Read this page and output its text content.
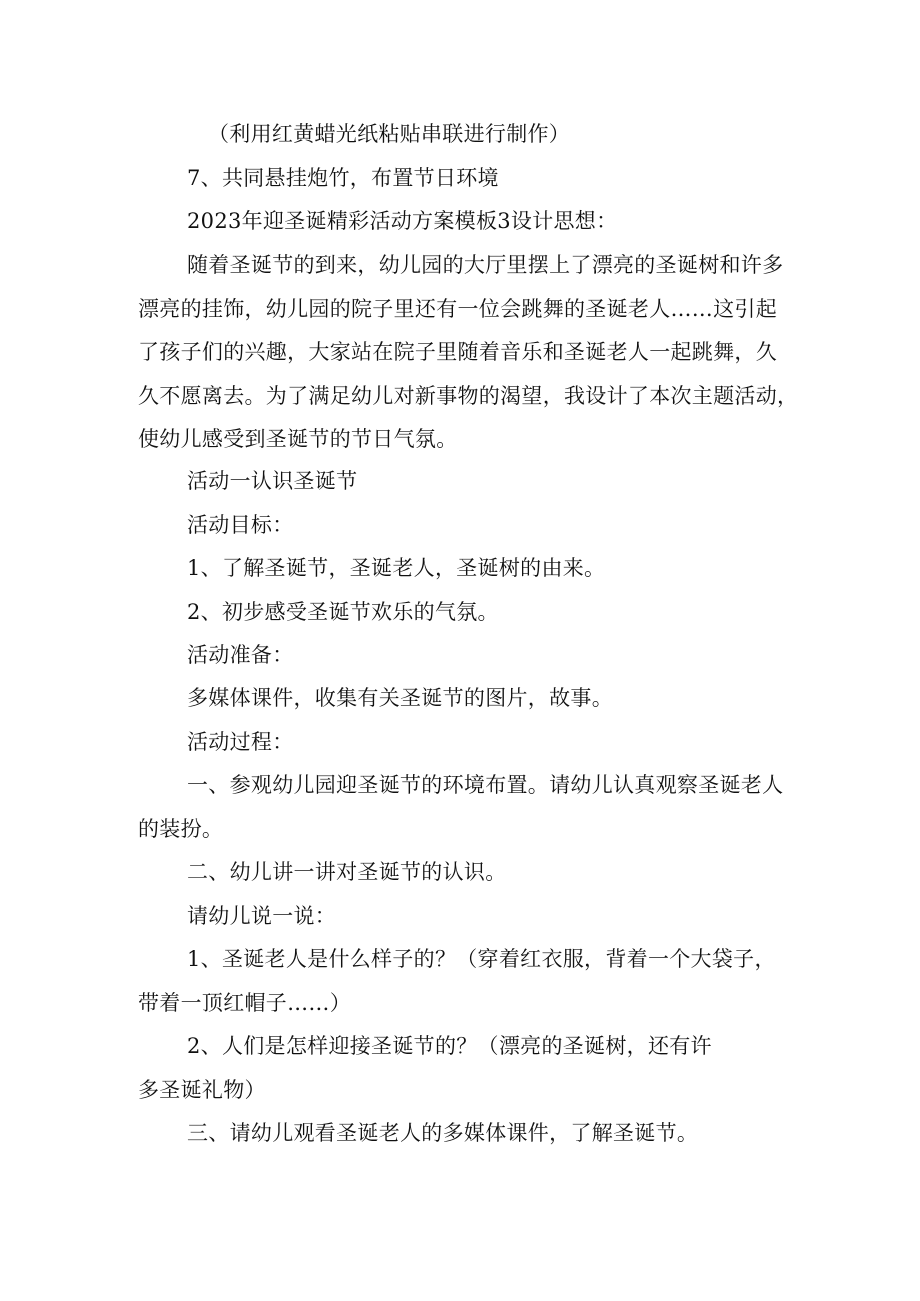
（利用红黄蜡光纸粘贴串联进行制作）
7、共同悬挂炮竹，布置节日环境
2023年迎圣诞精彩活动方案模板3设计思想：
随着圣诞节的到来，幼儿园的大厅里摆上了漂亮的圣诞树和许多
漂亮的挂饰，幼儿园的院子里还有一位会跳舞的圣诞老人……这引起
了孩子们的兴趣，大家站在院子里随着音乐和圣诞老人一起跳舞，久
久不愿离去。为了满足幼儿对新事物的渴望，我设计了本次主题活动，
使幼儿感受到圣诞节的节日气氛。
活动一认识圣诞节
活动目标：
1、了解圣诞节，圣诞老人，圣诞树的由来。
2、初步感受圣诞节欢乐的气氛。
活动准备：
多媒体课件，收集有关圣诞节的图片，故事。
活动过程：
一、参观幼儿园迎圣诞节的环境布置。请幼儿认真观察圣诞老人
的装扮。
二、幼儿讲一讲对圣诞节的认识。
请幼儿说一说：
1、圣诞老人是什么样子的？（穿着红衣服，背着一个大袋子，
带着一顶红帽子……）
2、人们是怎样迎接圣诞节的？（漂亮的圣诞树，还有许
多圣诞礼物）
三、请幼儿观看圣诞老人的多媒体课件，了解圣诞节。
